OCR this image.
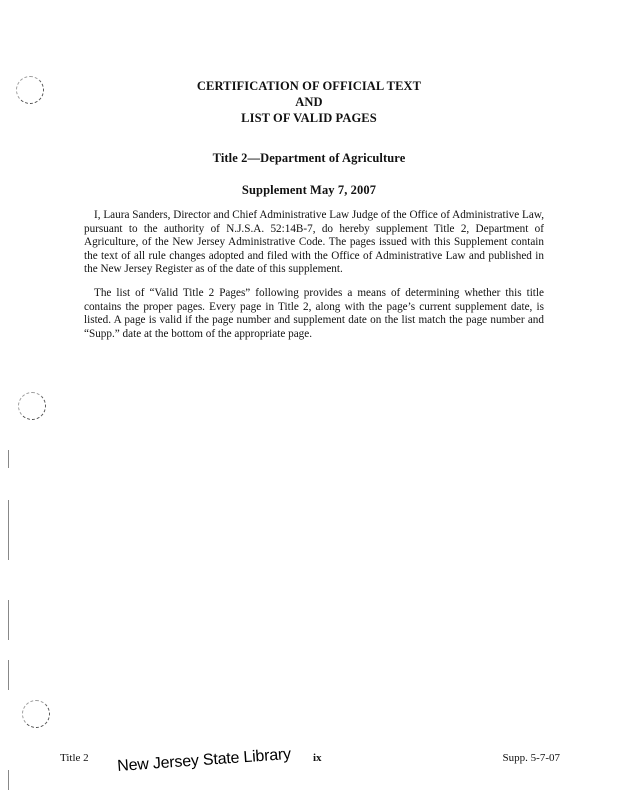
CERTIFICATION OF OFFICIAL TEXT
AND
LIST OF VALID PAGES
Title 2—Department of Agriculture
Supplement May 7, 2007

I, Laura Sanders, Director and Chief Administrative Law Judge of the Office of Administrative Law, pursuant to the authority of N.J.S.A. 52:14B-7, do hereby supplement Title 2, Department of Agriculture, of the New Jersey Administrative Code. The pages issued with this Supplement contain the text of all rule changes adopted and filed with the Office of Administrative Law and published in the New Jersey Register as of the date of this supplement.

The list of “Valid Title 2 Pages” following provides a means of determining whether this title contains the proper pages. Every page in Title 2, along with the page’s current supplement date, is listed. A page is valid if the page number and supplement date on the list match the page number and “Supp.” date at the bottom of the appropriate page.

Title 2	ix	Supp. 5-7-07
New Jersey State Library
